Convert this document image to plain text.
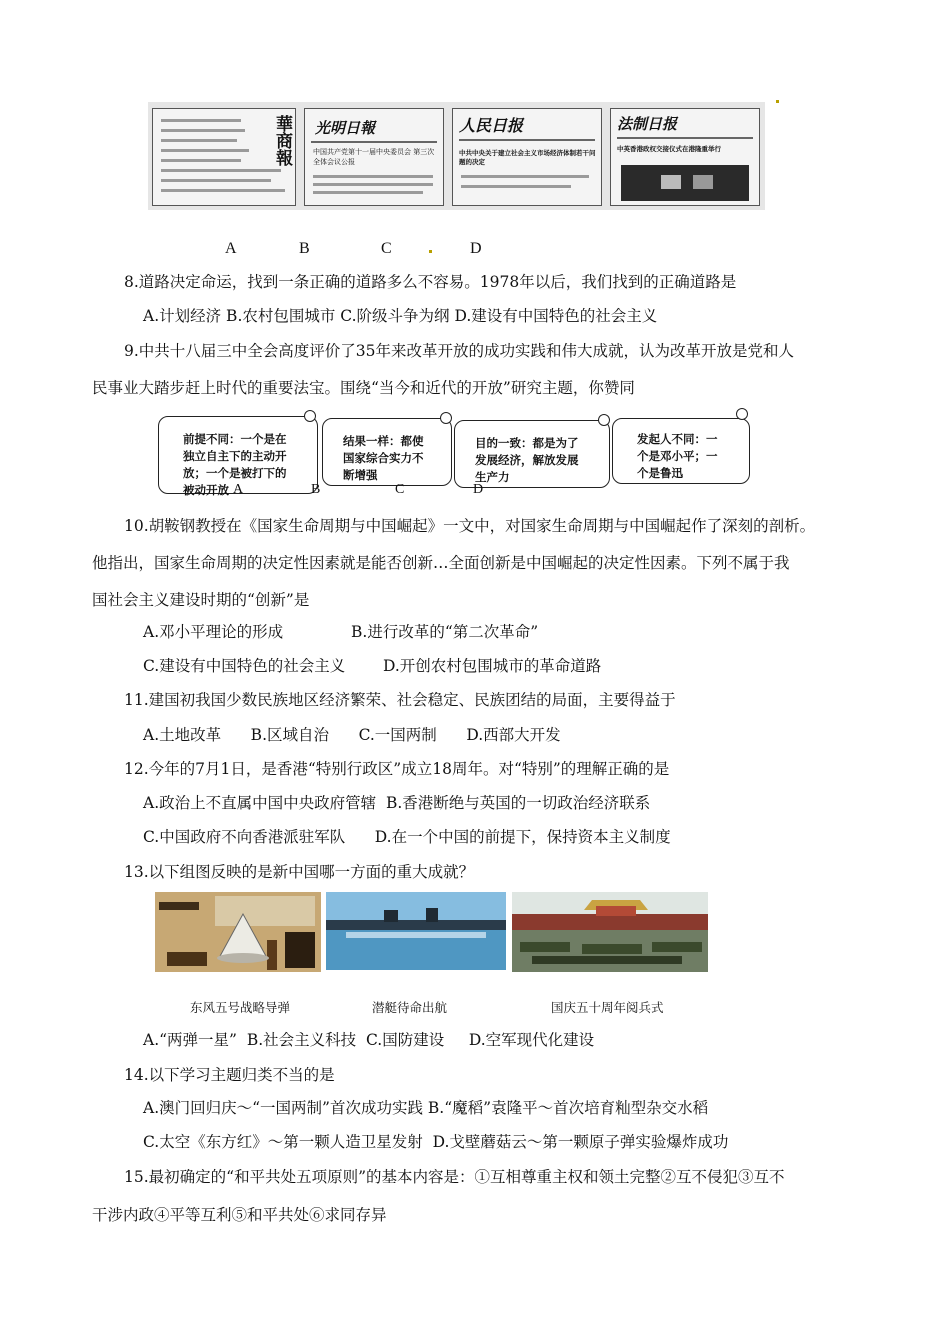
華商報 光明日報
中国共产党第十一届中央委员会 第三次全体会议公报
人民日报
中共中央关于建立社会主义市场经济体制若干问题的决定
法制日报
中英香港政权交接仪式在港隆重举行
A	B	C	D
8.道路决定命运，找到一条正确的道路多么不容易。1978年以后，我们找到的正确道路是
A.计划经济 B.农村包围城市 C.阶级斗争为纲 D.建设有中国特色的社会主义
9.中共十八届三中全会高度评价了35年来改革开放的成功实践和伟大成就，认为改革开放是党和人
民事业大踏步赶上时代的重要法宝。围绕“当今和近代的开放”研究主题，你赞同
前提不同：一个是在
独立自主下的主动开
放；一个是被打下的
被动开放
结果一样：都使
国家综合实力不
断增强
目的一致：都是为了
发展经济，解放发展
生产力
发起人不同：一
个是邓小平；一
个是鲁迅
A	B	C	D
10.胡鞍钢教授在《国家生命周期与中国崛起》一文中，对国家生命周期与中国崛起作了深刻的剖析。
他指出，国家生命周期的决定性因素就是能否创新…全面创新是中国崛起的决定性因素。下列不属于我
国社会主义建设时期的“创新”是
A.邓小平理论的形成	B.进行改革的“第二次革命”
C.建设有中国特色的社会主义 D.开创农村包围城市的革命道路
11.建国初我国少数民族地区经济繁荣、社会稳定、民族团结的局面，主要得益于
A.土地改革      B.区域自治      C.一国两制      D.西部大开发
12.今年的7月1日，是香港“特别行政区”成立18周年。对“特别”的理解正确的是
A.政治上不直属中国中央政府管辖  B.香港断绝与英国的一切政治经济联系
C.中国政府不向香港派驻军队      D.在一个中国的前提下，保持资本主义制度
13.以下组图反映的是新中国哪一方面的重大成就？
东风五号战略导弹	潜艇待命出航	国庆五十周年阅兵式
A.“两弹一星”  B.社会主义科技  C.国防建设     D.空军现代化建设
14.以下学习主题归类不当的是
A.澳门回归庆～“一国两制”首次成功实践 B.“魔稻”袁隆平～首次培育籼型杂交水稻
C.太空《东方红》～第一颗人造卫星发射  D.戈壁蘑菇云～第一颗原子弹实验爆炸成功
15.最初确定的“和平共处五项原则”的基本内容是：①互相尊重主权和领土完整②互不侵犯③互不
干涉内政④平等互利⑤和平共处⑥求同存异
